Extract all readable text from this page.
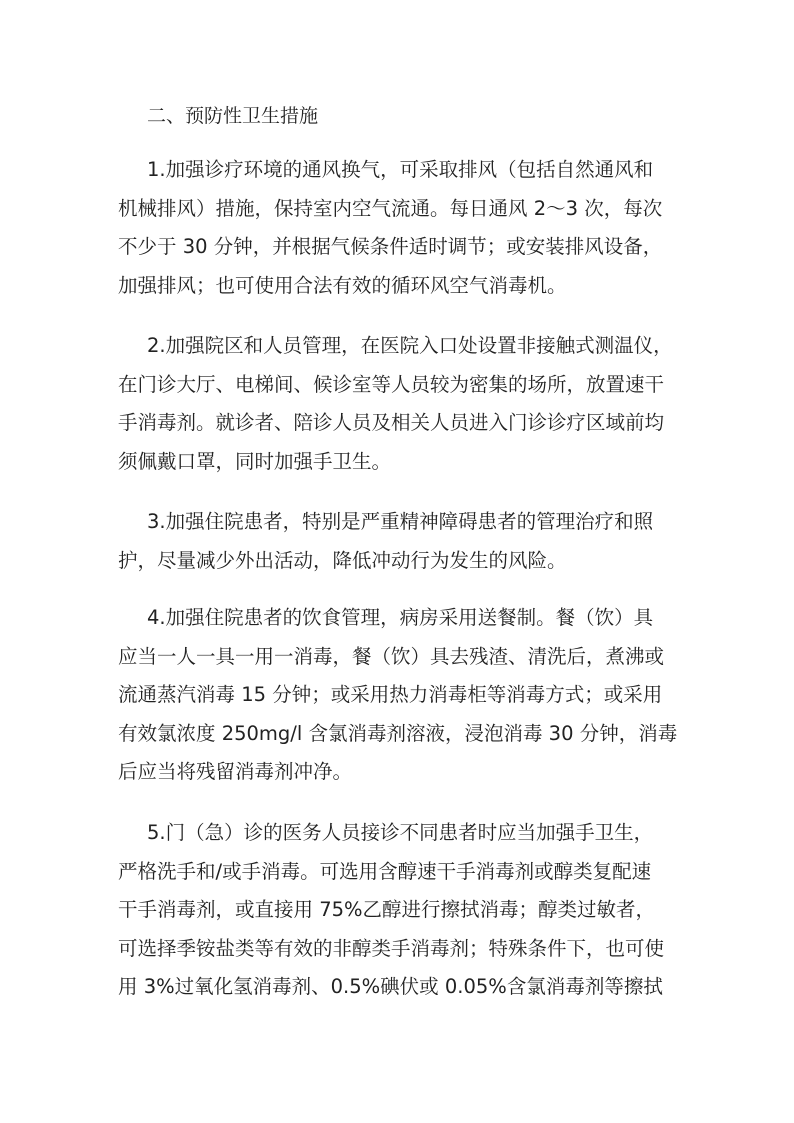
二、预防性卫生措施
1.加强诊疗环境的通风换气，可采取排风（包括自然通风和
机械排风）措施，保持室内空气流通。每日通风 2～3 次，每次
不少于 30 分钟，并根据气候条件适时调节；或安装排风设备，
加强排风；也可使用合法有效的循环风空气消毒机。
2.加强院区和人员管理，在医院入口处设置非接触式测温仪，
在门诊大厅、电梯间、候诊室等人员较为密集的场所，放置速干
手消毒剂。就诊者、陪诊人员及相关人员进入门诊诊疗区域前均
须佩戴口罩，同时加强手卫生。
3.加强住院患者，特别是严重精神障碍患者的管理治疗和照
护，尽量减少外出活动，降低冲动行为发生的风险。
4.加强住院患者的饮食管理，病房采用送餐制。餐（饮）具
应当一人一具一用一消毒，餐（饮）具去残渣、清洗后，煮沸或
流通蒸汽消毒 15 分钟；或采用热力消毒柜等消毒方式；或采用
有效氯浓度 250mg/l 含氯消毒剂溶液，浸泡消毒 30 分钟，消毒
后应当将残留消毒剂冲净。
5.门（急）诊的医务人员接诊不同患者时应当加强手卫生，
严格洗手和/或手消毒。可选用含醇速干手消毒剂或醇类复配速
干手消毒剂，或直接用 75%乙醇进行擦拭消毒；醇类过敏者，
可选择季铵盐类等有效的非醇类手消毒剂；特殊条件下，也可使
用 3%过氧化氢消毒剂、0.5%碘伏或 0.05%含氯消毒剂等擦拭
